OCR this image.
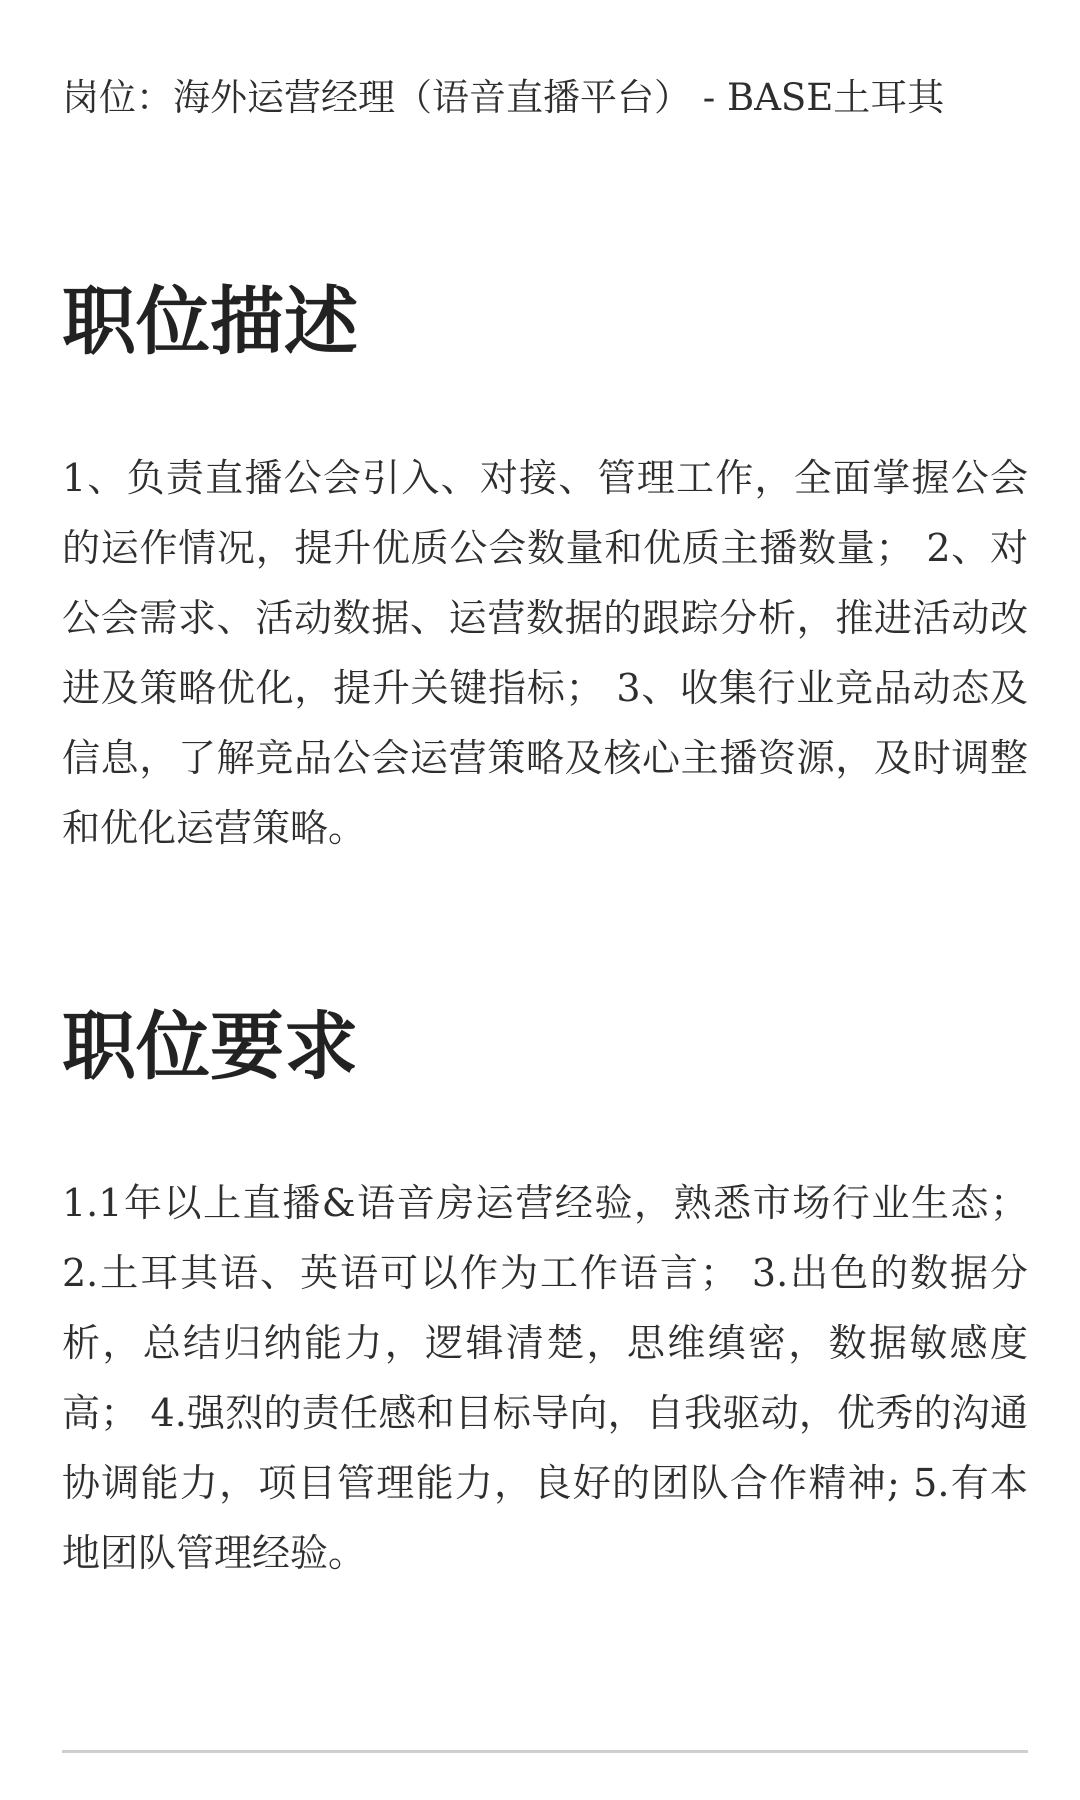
岗位：海外运营经理（语音直播平台） - BASE土耳其
职位描述

1、负责直播公会引入、对接、管理工作，全面掌握公会的运作情况，提升优质公会数量和优质主播数量； 2、对公会需求、活动数据、运营数据的跟踪分析，推进活动改进及策略优化，提升关键指标； 3、收集行业竞品动态及信息，了解竞品公会运营策略及核心主播资源，及时调整和优化运营策略。

职位要求

1.1年以上直播&语音房运营经验，熟悉市场行业生态； 2.土耳其语、英语可以作为工作语言； 3.出色的数据分析，总结归纳能力，逻辑清楚，思维缜密，数据敏感度高； 4.强烈的责任感和目标导向，自我驱动，优秀的沟通协调能力，项目管理能力，良好的团队合作精神; 5.有本地团队管理经验。
